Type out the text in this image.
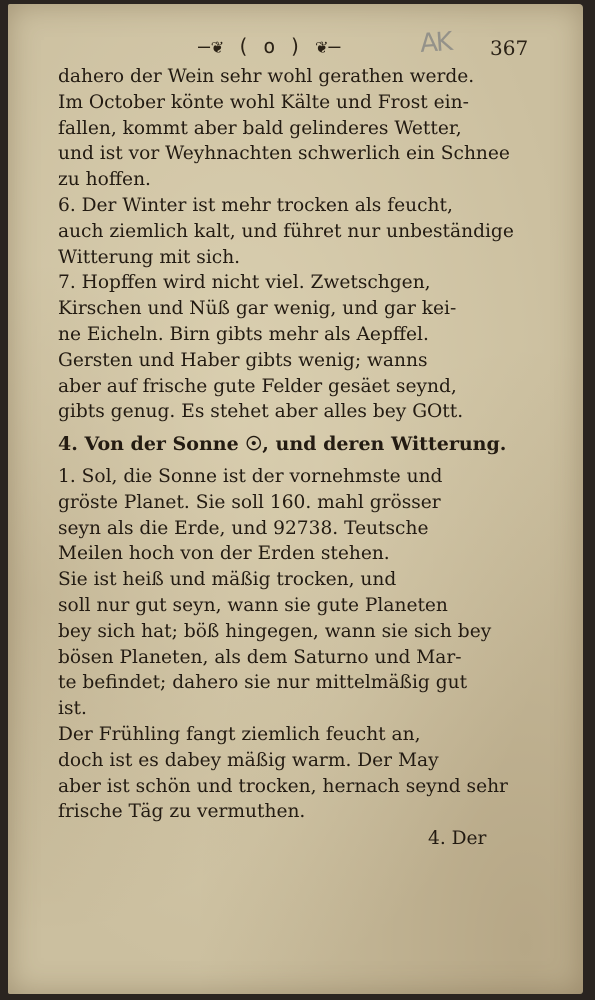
—❦ ( o ) ❦—	AK 367
dahero der Wein sehr wohl gerathen werde.
Im October könte wohl Kälte und Frost ein-
fallen, kommt aber bald gelinderes Wetter,
und ist vor Weyhnachten schwerlich ein Schnee
zu hoffen.
6. Der Winter ist mehr trocken als feucht,
auch ziemlich kalt, und führet nur unbeständige
Witterung mit sich.
7. Hopffen wird nicht viel. Zwetschgen,
Kirschen und Nüß gar wenig, und gar kei-
ne Eicheln. Birn gibts mehr als Aepffel.
Gersten und Haber gibts wenig; wanns
aber auf frische gute Felder gesäet seynd,
gibts genug. Es stehet aber alles bey GOtt.
4. Von der Sonne ☉, und deren Witterung.
1. Sol, die Sonne ist der vornehmste und
gröste Planet. Sie soll 160. mahl grösser
seyn als die Erde, und 92738. Teutsche
Meilen hoch von der Erden stehen.
Sie ist heiß und mäßig trocken, und
soll nur gut seyn, wann sie gute Planeten
bey sich hat; böß hingegen, wann sie sich bey
bösen Planeten, als dem Saturno und Mar-
te befindet; dahero sie nur mittelmäßig gut
ist.
Der Frühling fangt ziemlich feucht an,
doch ist es dabey mäßig warm. Der May
aber ist schön und trocken, hernach seynd sehr
frische Täg zu vermuthen.
4. Der
